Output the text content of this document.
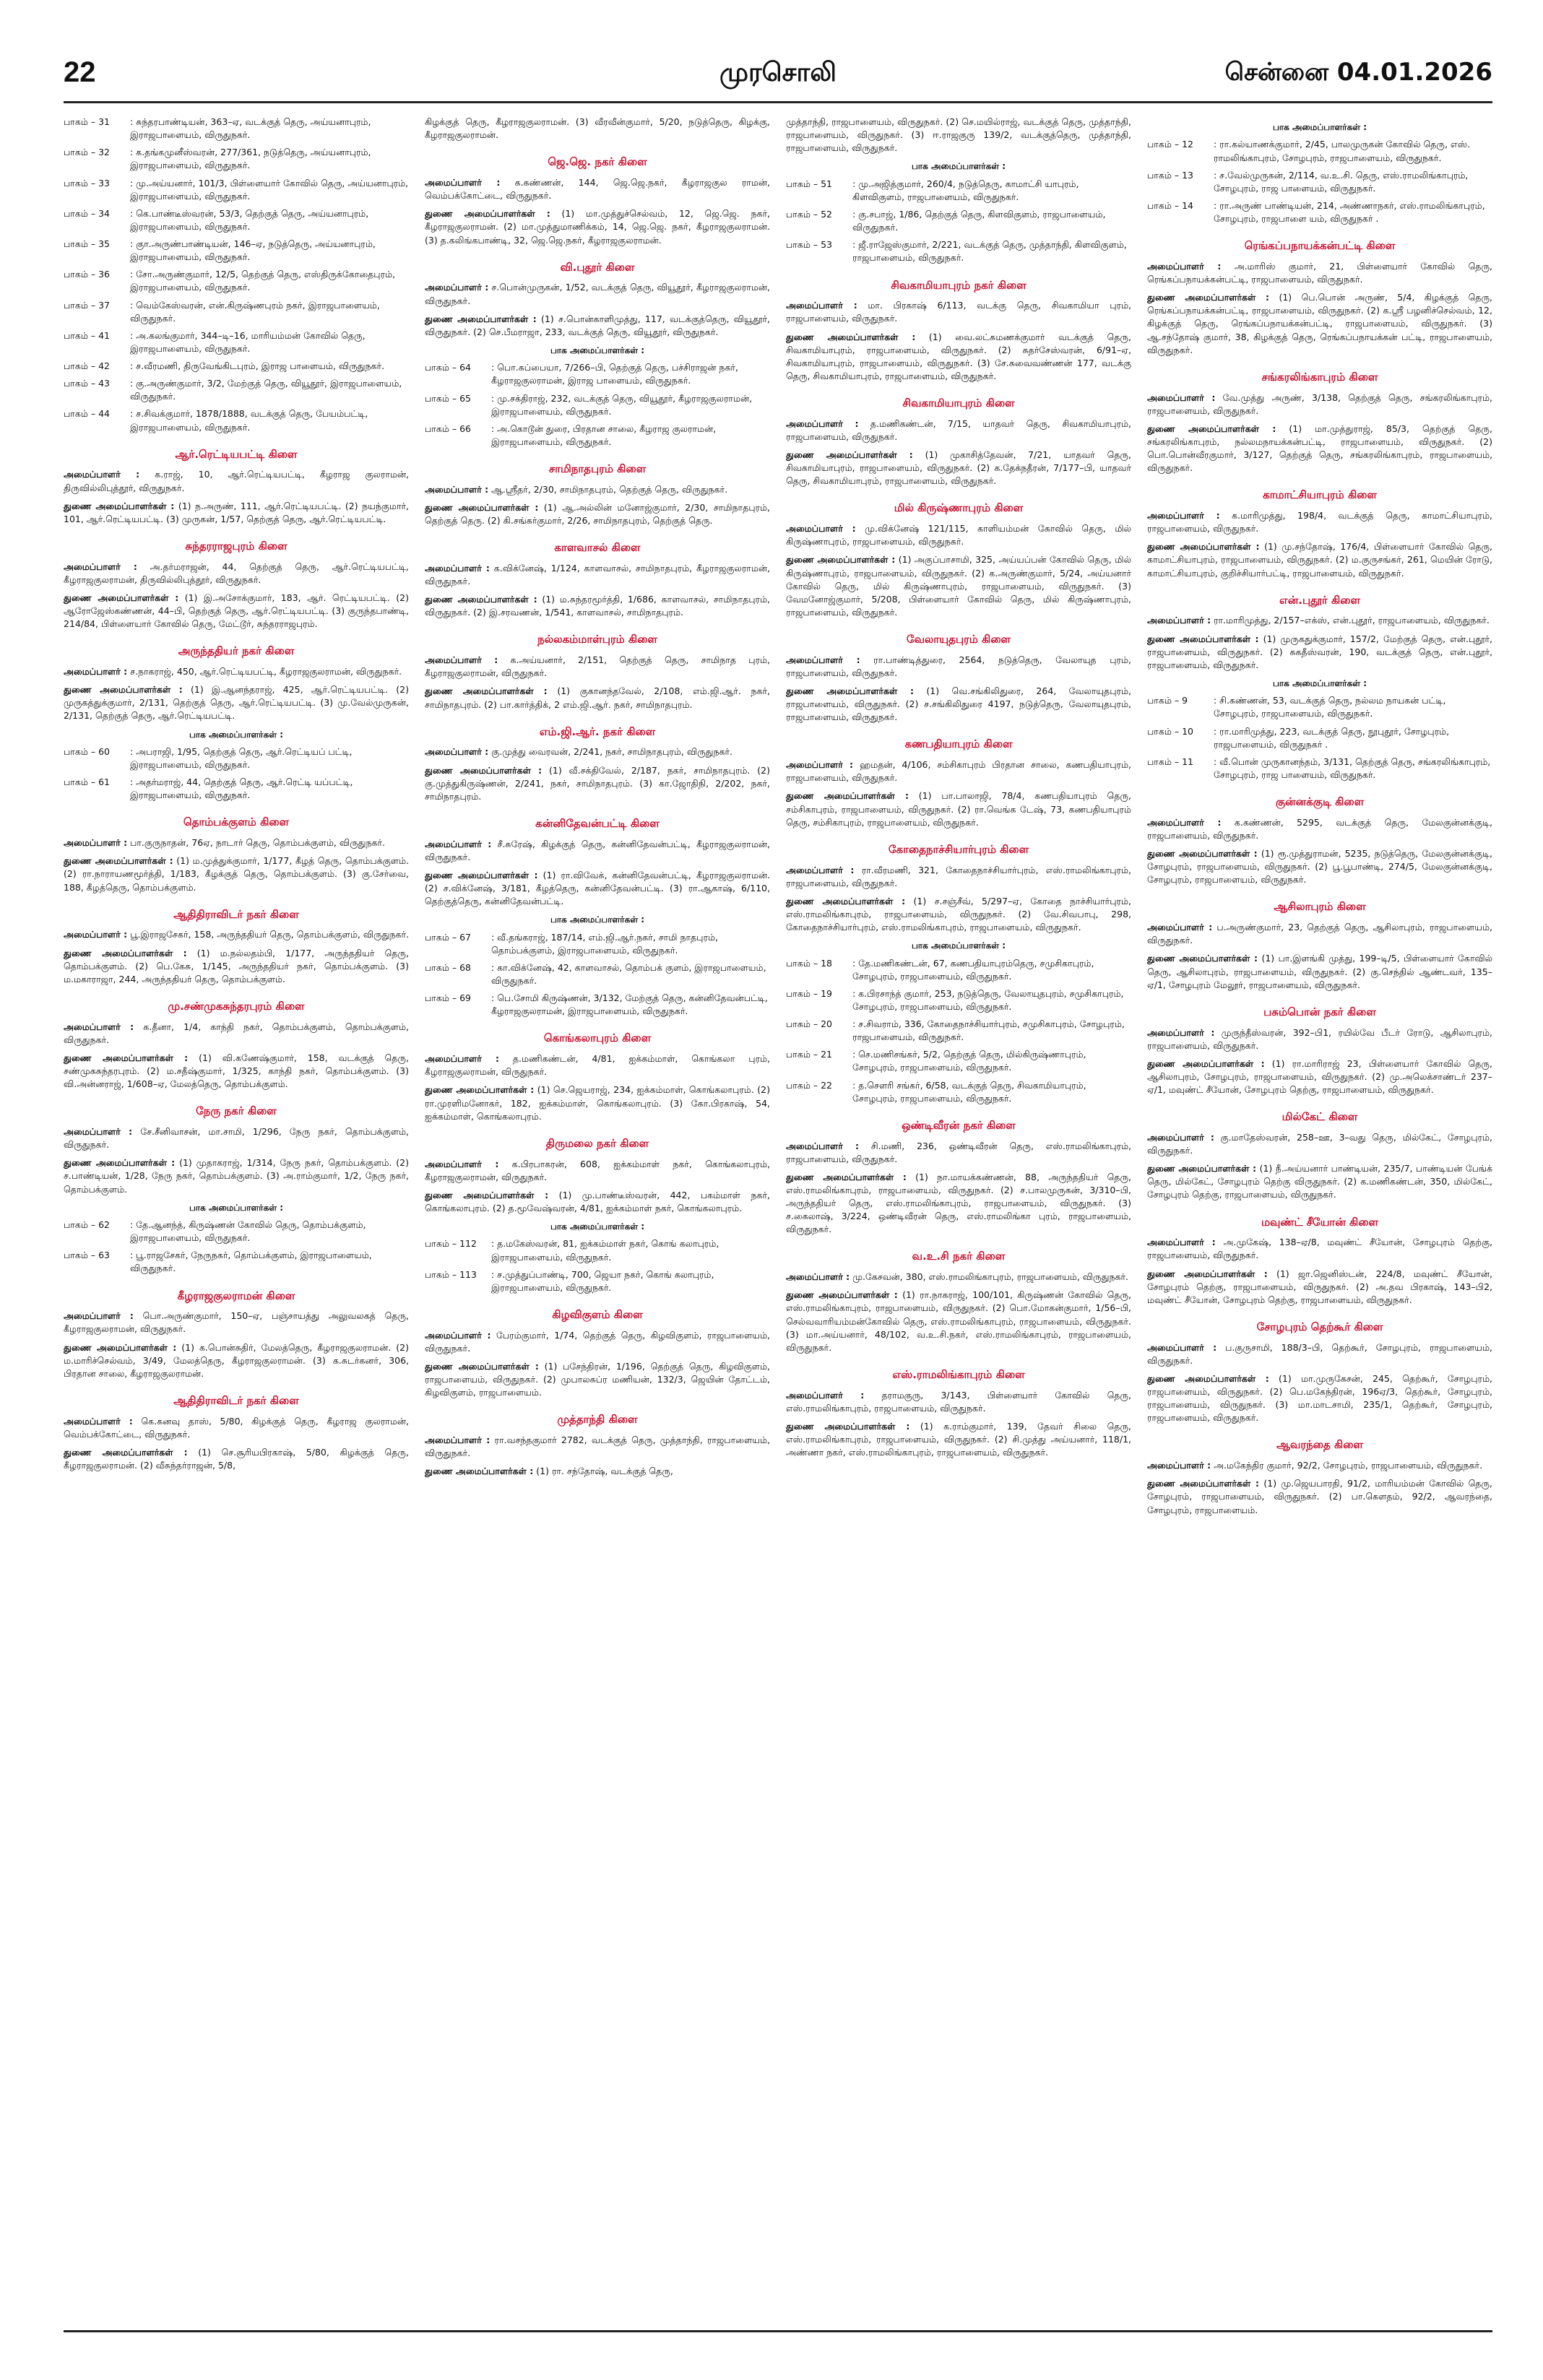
22	முரசொலி	சென்னை 04.01.2026
பாகம் – 31	: சுந்தரபாண்டியன், 363–ஏ, வடக்குத் தெரு, அய்யனாபுரம், இராஜபாளையம், விருதுநகர்.
பாகம் – 32	: க.தங்கமுனீஸ்வரன், 277/361, நடுத்தெரு, அய்யனாபுரம், இராஜபாளையம், விருதுநகர்.
பாகம் – 33	: மு.அய்யனார், 101/3, பிள்ளையார் கோவில் தெரு, அய்யனாபுரம், இராஜபாளையம், விருதுநகர்.
பாகம் – 34	: கெ.பாண்டீஸ்வரன், 53/3, தெற்குத் தெரு, அய்யனாபுரம், இராஜபாளையம், விருதுநகர்.
பாகம் – 35	: குா.அருண்பாண்டியன், 146–ஏ, நடுத்தெரு, அய்யனாபுரம், இராஜபாளையம், விருதுநகர்.
பாகம் – 36	: சோ.அருண்குமார், 12/5, தெற்குத் தெரு, எஸ்திருக்கோதைபுரம், இராஜபாளையம், விருதுநகர்.
பாகம் – 37	: வெம்கேஸ்வரன், என்.கிருஷ்ணபுரம் நகர், இராஜபாளையம், விருதுநகர்.
பாகம் – 41	: அ.கலங்குமார், 344–டி–16, மாரியம்மன் கோவில் தெரு, இராஜபாளையம், விருதுநகர்.
பாகம் – 42	: ச.வீரமணி, திருவேங்கிடபுரம், இராஜ பாளையம், விருதுநகர்.
பாகம் – 43	: கு.அருண்குமார், 3/2, மேற்குத் தெரு, வியூதூர், இராஜபாளையம், விருதுநகர்.
பாகம் – 44	: ச.சிவக்குமார், 1878/1888, வடக்குத் தெரு, பேயம்பட்டி, இராஜபாளையம், விருதுநகர்.
ஆர்.ரெட்டியபட்டி கிளை
அமைப்பாளர் : க.ராஜ், 10, ஆர்.ரெட்டியபட்டி, கீழராஜ குலராமன், திருவில்லிபுத்தூர், விருதுநகர்.
துணை அமைப்பாளர்கள் : (1) ந.அருண், 111, ஆர்.ரெட்டியபட்டி. (2) நயந்குமார், 101, ஆர்.ரெட்டியபட்டி. (3) முருகன், 1/57, தெற்குத் தெரு, ஆர்.ரெட்டியபட்டி.
சுந்தரராஜபுரம் கிளை
அமைப்பாளர் : அ.தர்மராஜன், 44, தெற்குத் தெரு, ஆர்.ரெட்டியபட்டி, கீழராஜகுலராமன், திருவில்லிபுத்தூர், விருதுநகர்.
துணை அமைப்பாளர்கள் : (1) இ.அசோக்குமார், 183, ஆர். ரெட்டியபட்டி. (2) ஆரோஜேஸ்கண்ணன், 44–பி, தெற்குத் தெரு, ஆர்.ரெட்டியபட்டி. (3) குருந்தபாண்டி, 214/84, பிள்ளையார் கோவில் தெரு, மேட்டூர், சுந்தரராஜபுரம்.
அருந்ததியர் நகர் கிளை
அமைப்பாளர் : ச.நாகராஜ், 450, ஆர்.ரெட்டியபட்டி, கீழராஜகுலராமன், விருதுநகர்.
துணை அமைப்பாளர்கள் : (1) இ.ஆனந்தராஜ், 425, ஆர்.ரெட்டியபட்டி. (2) முருகத்துக்குமார், 2/131, தெற்குத் தெரு, ஆர்.ரெட்டியபட்டி. (3) மு.வேல்முருகன், 2/131, தெற்குத் தெரு, ஆர்.ரெட்டியபட்டி.
பாக அமைப்பாளர்கள் :
பாகம் – 60	: அபராஜி, 1/95, தெற்குத் தெரு, ஆர்.ரெட்டியப் பட்டி, இராஜபாளையம், விருதுநகர்.
பாகம் – 61	: அதர்மராஜ், 44, தெற்குத் தெரு, ஆர்.ரெட்டி யப்பட்டி, இராஜபாளையம், விருதுநகர்.
தொம்பக்குளம் கிளை
அமைப்பாளர் : பா.குருநாதன், 76ஏ, நாடார் தெரு, தொம்பக்குளம், விருதுநகர்.
துணை அமைப்பாளர்கள் : (1) ம.முத்துக்குமார், 1/177, கீழத் தெரு, தொம்பக்குளம். (2) ரா.நாராயணமூர்த்தி, 1/183, கீழக்குத் தெரு, தொம்பக்குளம். (3) கு.சேர்வை, 188, கீழத்தெரு, தொம்பக்குளம்.
ஆதிதிராவிடர் நகர் கிளை
அமைப்பாளர் : பூ.இராஜசேகர், 158, அருந்ததியர் தெரு, தொம்பக்குளம், விருதுநகர்.
துணை அமைப்பாளர்கள் : (1) ம.நல்லதம்பி, 1/177, அருந்ததியர் தெரு, தொம்பக்குளம். (2) பெ.கேசு, 1/145, அருந்ததியர் நகர், தொம்பக்குளம். (3) ம.மகாராஜா, 244, அருந்ததியர் தெரு, தொம்பக்குளம்.
மு.சண்முகசுந்தரபுரம் கிளை
அமைப்பாளர் : க.தீனா, 1/4, காந்தி நகர், தொம்பக்குளம், தொம்பக்குளம், விருதுநகர்.
துணை அமைப்பாளர்கள் : (1) வி.கணேஷ்குமார், 158, வடக்குத் தெரு, சண்முகசுந்தரபுரம். (2) ம.சதீஷ்குமார், 1/325, காந்தி நகர், தொம்பக்குளம். (3) வி.அன்னராஜ், 1/608–ஏ, மேலத்தெரு, தொம்பக்குளம்.
நேரு நகர் கிளை
அமைப்பாளர் : சே.சீனிவாசன், மா.சாமி, 1/296, நேரு நகர், தொம்பக்குளம், விருதுநகர்.
துணை அமைப்பாளர்கள் : (1) முதாகராஜ், 1/314, நேரு நகர், தொம்பக்குளம். (2) ச.பாண்டியன், 1/28, நேரு நகர், தொம்பக்குளம். (3) அ.ராம்குமார், 1/2, நேரு நகர், தொம்பக்குளம்.
பாக அமைப்பாளர்கள் :
பாகம் – 62	: தே.ஆனந்த், கிருஷ்ணன் கோவில் தெரு, தொம்பக்குளம், இராஜபாளையம், விருதுநகர்.
பாகம் – 63	: பூ.ராஜசேகர், நேருநகர், தொம்பக்குளம், இராஜபாளையம், விருதுநகர்.
கீழராஜகுலராமன் கிளை
அமைப்பாளர் : பொ.அருண்குமார், 150–ஏ, பஞ்சாயத்து அலுவலகத் தெரு, கீழராஜகுலராமன், விருதுநகர்.
துணை அமைப்பாளர்கள் : (1) க.பொன்சுதிர், மேலத்தெரு, கீழராஜகுலராமன். (2) ம.மாரிச்செல்வம், 3/49, மேலத்தெரு, கீழராஜகுலராமன். (3) க.சுடர்கனர், 306, பிரதான சாலை, கீழராஜகுலராமன்.
ஆதிதிராவிடர் நகர் கிளை
அமைப்பாளர் : கெ.கனவு தாஸ், 5/80, கிழக்குத் தெரு, கீழராஜ குலராமன், வெம்பக்கோட்டை, விருதுநகர்.
துணை அமைப்பாளர்கள் : (1) செ.சூரியபிரகாஷ், 5/80, கிழக்குத் தெரு, கீழராஜகுலராமன். (2) வீசுந்தர்ராஜன், 5/8,
கிழக்குத் தெரு, கீழராஜகுலராமன். (3) வீரவீன்குமார், 5/20, நடுத்தெரு, கிழக்கு, கீழராஜகுலராமன்.
ஜெ.ஜெ. நகர் கிளை
அமைப்பாளர் : க.கண்ணன், 144, ஜெ.ஜெ.நகர், கீழராஜகுல ராமன், வெம்பக்கோட்டை, விருதுநகர்.
துணை அமைப்பாளர்கள் : (1) மா.முத்துச்செல்வம், 12, ஜெ.ஜெ. நகர், கீழராஜகுலராமன். (2) மா.முத்துமாணிக்கம், 14, ஜெ.ஜெ. நகர், கீழராஜகுலராமன். (3) த.கலிங்கபாண்டி, 32, ஜெ.ஜெ.நகர், கீழராஜகுலராமன்.
வி.புதூர் கிளை
அமைப்பாளர் : ச.பொன்முருகன், 1/52, வடக்குத் தெரு, வியூதூர், கீழராஜகுலராமன், விருதுநகர்.
துணை அமைப்பாளர்கள் : (1) ச.பொன்காளிமுத்து, 117, வடக்குத்தெரு, வியூதூர், விருதுநகர். (2) செ.பீமராஜா, 233, வடக்குத் தெரு, வியூதூர், விருதுநகர்.
பாக அமைப்பாளர்கள் :
பாகம் – 64	: பொ.கப்பையா, 7/266–பி, தெற்குத் தெரு, பச்சிராஜன் நகர், கீழராஜகுலராமன், இராஜ பாளையம், விருதுநகர்.
பாகம் – 65	: மு.சக்திராஜ், 232, வடக்குத் தெரு, வியூதூர், கீழராஜகுலராமன், இராஜபாளையம், விருதுநகர்.
பாகம் – 66	: அ.கொடூன் துரை, பிரதான சாலை, கீழராஜ குலராமன், இராஜபாளையம், விருதுநகர்.
சாமிநாதபுரம் கிளை
அமைப்பாளர் : ஆ.ஸ்ரீதர், 2/30, சாமிநாதபுரம், தெற்குத் தெரு, விருதுநகர்.
துணை அமைப்பாளர்கள் : (1) ஆ.அல்லின் மனோஜ்குமார், 2/30, சாமிநாதபுரம், தெற்குத் தெரு. (2) கி.சங்கர்குமார், 2/26, சாமிநாதபுரம், தெற்குத் தெரு.
காளவாசல் கிளை
அமைப்பாளர் : க.விக்னேஷ், 1/124, காளவாசல், சாமிநாதபுரம், கீழராஜகுலராமன், விருதுநகர்.
துணை அமைப்பாளர்கள் : (1) ம.சுந்தரமூர்த்தி, 1/686, காளவாசல், சாமிநாதபுரம், விருதுநகர். (2) இ.சரவணன், 1/541, காளவாசல், சாமிநாதபுரம்.
நல்லகம்மாள்புரம் கிளை
அமைப்பாளர் : க.அய்யனார், 2/151, தெற்குத் தெரு, சாமிநாத புரம், கீழராஜகுலராமன், விருதுநகர்.
துணை அமைப்பாளர்கள் : (1) குகானந்தவேல், 2/108, எம்.ஜி.ஆர். நகர், சாமிநாதபுரம். (2) பா.கார்த்திக், 2 எம்.ஜி.ஆர். நகர், சாமிநாதபுரம்.
எம்.ஜி.ஆர். நகர் கிளை
அமைப்பாளர் : கு.முத்து வைரவன், 2/241, நகர், சாமிநாதபுரம், விருதுநகர்.
துணை அமைப்பாளர்கள் : (1) வீ.சக்திவேல், 2/187, நகர், சாமிநாதபுரம். (2) கு.முத்துகிருஷ்ணன், 2/241, நகர், சாமிநாதபுரம். (3) கா.ஜோதிநி, 2/202, நகர், சாமிநாதபுரம்.
கன்னிதேவன்பட்டி கிளை
அமைப்பாளர் : சீ.சுரேஷ், கிழக்குத் தெரு, கன்னிதேவன்பட்டி, கீழராஜகுலராமன், விருதுநகர்.
துணை அமைப்பாளர்கள் : (1) ரா.விவேக், கன்னிதேவன்பட்டி, கீழராஜகுலராமன். (2) ச.விக்னேஷ், 3/181, கீழத்தெரு, கன்னிதேவன்பட்டி. (3) ரா.ஆகாஷ், 6/110, தெற்குத்தெரு, கன்னிதேவன்பட்டி.
பாக அமைப்பாளர்கள் :
பாகம் – 67	: வீ.தங்கராஜ், 187/14, எம்.ஜி.ஆர்.நகர், சாமி நாதபுரம், தொம்பக்குளம், இராஜபாளையம், விருதுநகர்.
பாகம் – 68	: கா.விக்னேஷ், 42, காளவாசல், தொம்பக் குளம், இராஜபாளையம், விருதுநகர்.
பாகம் – 69	: பெ.சோமி கிருஷ்ணன், 3/132, மேற்குத் தெரு, கன்னிதேவன்பட்டி, கீழராஜகுலராமன், இராஜபாளையம், விருதுநகர்.
கொங்கலாபுரம் கிளை
அமைப்பாளர் : த.மணிகண்டன், 4/81, ஐக்கம்மாள், கொங்கலா புரம், கீழராஜகுலராமன், விருதுநகர்.
துணை அமைப்பாளர்கள் : (1) செ.ஜெயராஜ், 234, ஐக்கம்மாள், கொங்கலாபுரம். (2) ரா.முரளிமனோகர், 182, ஐக்கம்மாள், கொங்கலாபுரம். (3) கோ.பிரகாஷ், 54, ஐக்கம்மாள், கொங்கலாபுரம்.
திருமலை நகர் கிளை
அமைப்பாளர் : க.பிரபாகரன், 608, ஐக்கம்மாள் நகர், கொங்கலாபுரம், கீழராஜகுலராமன், விருதுநகர்.
துணை அமைப்பாளர்கள் : (1) மு.பாண்டீஸ்வரன், 442, பகம்மாள் நகர், கொங்கலாபுரம். (2) த.மூவேஷ்வரன், 4/81, ஐக்கம்மாள் நகர், கொங்கலாபுரம்.
பாக அமைப்பாளர்கள் :
பாகம் – 112	: த.மகேஸ்வரன், 81, ஐக்கம்மாள் நகர், கொங் கலாபுரம், இராஜபாளையம், விருதுநகர்.
பாகம் – 113	: ச.முத்துப்பாண்டி, 700, ஜெயா நகர், கொங் கலாபுரம், இராஜபாளையம், விருதுநகர்.
கிழவிகுளம் கிளை
அமைப்பாளர் : பேரம்குமார், 1/74, தெற்குத் தெரு, கிழவிகுளம், ராஜபாளையம், விருதுநகர்.
துணை அமைப்பாளர்கள் : (1) பசேந்திரன், 1/196, தெற்குத் தெரு, கிழவிகுளம், ராஜபாளையம், விருதுநகர். (2) முபாலசுப்ர மணியன், 132/3, ஜெயின் தோட்டம், கிழவிகுளம், ராஜபாளையம்.
முத்தாந்தி கிளை
அமைப்பாளர் : ரா.வசந்தகுமார் 2782, வடக்குத் தெரு, முத்தாந்தி, ராஜபாளையம், விருதுநகர்.
துணை அமைப்பாளர்கள் : (1) ரா. சந்தோஷ், வடக்குத் தெரு,
முத்தாந்தி, ராஜபாளையம், விருதுநகர். (2) செ.மயில்ராஜ், வடக்குத் தெரு, முத்தாந்தி, ராஜபாளையம், விருதுநகர். (3) ஈ.ராஜகுரு 139/2, வடக்குத்தெரு, முத்தாந்தி, ராஜபாளையம், விருதுநகர்.
பாக அமைப்பாளர்கள் :
பாகம் – 51	: மு.அஜித்குமார், 260/4, நடுத்தெரு, காமாட்சி யாபுரம், கிளவிகுளம், ராஜபாளையம், விருதுநகர்.
பாகம் – 52	: கு.சபாஜ், 1/86, தெற்குத் தெரு, கிளவிகுளம், ராஜபாளையம், விருதுநகர்.
பாகம் – 53	: ஜீ.ராஜேஸ்குமார், 2/221, வடக்குத் தெரு, முத்தாந்தி, கிளவிகுளம், ராஜபாளையம், விருதுநகர்.
சிவகாமியாபுரம் நகர் கிளை
அமைப்பாளர் : மா. பிரகாஷ் 6/113, வடக்கு தெரு, சிவகாமியா புரம், ராஜபாளையம், விருதுநகர்.
துணை அமைப்பாளர்கள் : (1) வை.லட்சுமணக்குமார் வடக்குத் தெரு, சிவகாமியாபுரம், ராஜபாளையம், விருதுநகர். (2) சுதர்சேஸ்வரன், 6/91–ஏ, சிவகாமியாபுரம், ராஜபாளையம், விருதுநகர். (3) சே.சுவைவண்ணன் 177, வடக்கு தெரு, சிவகாமியாபுரம், ராஜபாளையம், விருதுநகர்.
சிவகாமியாபுரம் கிளை
அமைப்பாளர் : த.மணிகண்டன், 7/15, யாதவர் தெரு, சிவகாமியாபுரம், ராஜபாளையம், விருதுநகர்.
துணை அமைப்பாளர்கள் : (1) முகாசித்தேவன், 7/21, யாதவர் தெரு, சிவகாமியாபுரம், ராஜபாளையம், விருதுநகர். (2) க.தேக்நதீரன், 7/177–பி, யாதவர் தெரு, சிவகாமியாபுரம், ராஜபாளையம், விருதுநகர்.
மில் கிருஷ்ணாபுரம் கிளை
அமைப்பாளர் : மு.விக்னேஷ் 121/115, காளியம்மன் கோவில் தெரு, மில் கிருஷ்ணாபுரம், ராஜபாளையம், விருதுநகர்.
துணை அமைப்பாளர்கள் : (1) அகுப்பாசாமி, 325, அய்யப்பன் கோவில் தெரு, மில் கிருஷ்ணாபுரம், ராஜபாளையம், விருதுநகர். (2) க.அருண்குமார், 5/24, அய்யனார் கோவில் தெரு, மில் கிருஷ்ணாபுரம், ராஜபாளையம், விருதுநகர். (3) வேமனோஜ்குமார், 5/208, பிள்ளையார் கோவில் தெரு, மில் கிருஷ்ணாபுரம், ராஜபாளையம், விருதுநகர்.
வேலாயுதபுரம் கிளை
அமைப்பாளர் : ரா.பாண்டித்துரை, 2564, நடுத்தெரு, வேலாயுத புரம், ராஜபாளையம், விருதுநகர்.
துணை அமைப்பாளர்கள் : (1) வெ.சங்கிலிதுரை, 264, வேலாயுதபுரம், ராஜபாளையம், விருதுநகர். (2) ச.சங்கிலிதுரை 4197, நடுத்தெரு, வேலாயுதபுரம், ராஜபாளையம், விருதுநகர்.
கணபதியாபுரம் கிளை
அமைப்பாளர் : ஹமதன், 4/106, சம்சிகாபுரம் பிரதான சாலை, கணபதியாபுரம், ராஜபாளையம், விருதுநகர்.
துணை அமைப்பாளர்கள் : (1) பா.பாலாஜி, 78/4, கணபதியாபுரம் தெரு, சம்சிகாபுரம், ராஜபாளையம், விருதுநகர். (2) ரா.வெங்க டேஷ், 73, கணபதியாபுரம் தெரு, சம்சிகாபுரம், ராஜபாளையம், விருதுநகர்.
கோதைநாச்சியார்புரம் கிளை
அமைப்பாளர் : ரா.வீரமணி, 321, கோதைநாச்சியார்புரம், எஸ்.ராமலிங்காபுரம், ராஜபாளையம், விருதுநகர்.
துணை அமைப்பாளர்கள் : (1) ச.சஞ்சீவ், 5/297–ஏ, கோதை நாச்சியார்புரம், எஸ்.ராமலிங்காபுரம், ராஜபாளையம், விருதுநகர். (2) வே.சிவபாபு, 298, கோதைநாச்சியார்புரம், எஸ்.ராமலிங்காபுரம், ராஜபாளையம், விருதுநகர்.
பாக அமைப்பாளர்கள் :
பாகம் – 18	: தே.மணிகண்டன், 67, கணபதியாபுரம்தெரு, சமுசிகாபுரம், சோழபுரம், ராஜபாளையம், விருதுநகர்.
பாகம் – 19	: க.பிரசாந்த் குமார், 253, நடுத்தெரு, வேலாயுதபுரம், சமுசிகாபுரம், சோழபுரம், ராஜபாளையம், விருதுநகர்.
பாகம் – 20	: ச.சிவராம், 336, கோதைநாச்சியார்புரம், சமுசிகாபுரம், சோழபுரம், ராஜபாளையம், விருதுநகர்.
பாகம் – 21	: செ.மணிசங்கர், 5/2, தெற்குத் தெரு, மில்கிருஷ்ணாபுரம், சோழபுரம், ராஜபாளையம், விருதுநகர்.
பாகம் – 22	: த.செளரி சங்கர், 6/58, வடக்குத் தெரு, சிவகாமியாபுரம், சோழபுரம், ராஜபாளையம், விருதுநகர்.
ஒண்டிவீரன் நகர் கிளை
அமைப்பாளர் : சி.மணி, 236, ஒண்டிவீரன் தெரு, எஸ்.ராமலிங்காபுரம், ராஜபாளையம், விருதுநகர்.
துணை அமைப்பாளர்கள் : (1) நா.மாயக்கண்ணன், 88, அருந்ததியர் தெரு, எஸ்.ராமலிங்காபுரம், ராஜபாளையம், விருதுநகர். (2) ச.பாலமுருகன், 3/310–பி, அருந்ததியர் தெரு, எஸ்.ராமலிங்காபுரம், ராஜபாளையம், விருதுநகர். (3) ச.கைலாஷ், 3/224, ஒண்டிவீரன் தெரு, எஸ்.ராமலிங்கா புரம், ராஜபாளையம், விருதுநகர்.
வ.உ.சி நகர் கிளை
அமைப்பாளர் : மு.கேசவன், 380, எஸ்.ராமலிங்காபுரம், ராஜபாளையம், விருதுநகர்.
துணை அமைப்பாளர்கள் : (1) ரா.நாகராஜ், 100/101, கிருஷ்ணன் கோவில் தெரு, எஸ்.ராமலிங்காபுரம், ராஜபாளையம், விருதுநகர். (2) பொ.மோகன்குமார், 1/56–பி, செல்வவாரியம்மன்கோவில் தெரு, எஸ்.ராமலிங்காபுரம், ராஜபாளையம், விருதுநகர். (3) மா.அய்யனார், 48/102, வ.உ.சி.நகர், எஸ்.ராமலிங்காபுரம், ராஜபாளையம், விருதுநகர்.
எஸ்.ராமலிங்காபுரம் கிளை
அமைப்பாளர் : தராமகுரு, 3/143, பிள்ளையார் கோவில் தெரு, எஸ்.ராமலிங்காபுரம், ராஜபாளையம், விருதுநகர்.
துணை அமைப்பாளர்கள் : (1) க.ராம்குமார், 139, தேவர் சிலை தெரு, எஸ்.ராமலிங்காபுரம், ராஜபாளையம், விருதுநகர். (2) சி.முத்து அய்யனார், 118/1, அண்ணா நகர், எஸ்.ராமலிங்காபுரம், ராஜபாளையம், விருதுநகர்.
பாக அமைப்பாளர்கள் :
பாகம் – 12	: ரா.கல்யாணக்குமார், 2/45, பாலமுருகன் கோவில் தெரு, எஸ். ராமலிங்காபுரம், சோழபுரம், ராஜபாளையம், விருதுநகர்.
பாகம் – 13	: ச.வேல்முருகன், 2/114, வ.உ.சி. தெரு, எஸ்.ராமலிங்காபுரம், சோழபுரம், ராஜ பாளையம், விருதுநகர்.
பாகம் – 14	: ரா.அருண் பாண்டியன், 214, அண்ணாநகர், எஸ்.ராமலிங்காபுரம், சோழபுரம், ராஜபாளை யம், விருதுநகர் .
ரெங்கப்பநாயக்கன்பட்டி கிளை
அமைப்பாளர் : அ.மாரிஸ் குமார், 21, பிள்ளையார் கோவில் தெரு, ரெங்கப்பநாயக்கன்பட்டி, ராஜபாளையம், விருதுநகர்.
துணை அமைப்பாளர்கள் : (1) பெ.பொன் அருண், 5/4, கிழக்குத் தெரு, ரெங்கப்பநாயக்கன்பட்டி, ராஜபாளையம், விருதுநகர். (2) க.ஸ்ரீ பழனிச்செல்வம், 12, கிழக்குத் தெரு, ரெங்கப்பநாயக்கன்பட்டி, ராஜபாளையம், விருதுநகர். (3) ஆ.சந்தோஷ் குமார், 38, கிழக்குத் தெரு, ரெங்கப்பநாயக்கன் பட்டி, ராஜபாளையம், விருதுநகர்.
சங்கரலிங்காபுரம் கிளை
அமைப்பாளர் : வே.முத்து அருண், 3/138, தெற்குத் தெரு, சங்கரலிங்காபுரம், ராஜபாளையம், விருதுநகர்.
துணை அமைப்பாளர்கள் : (1) மா.முத்துராஜ், 85/3, தெற்குத் தெரு, சங்கரலிங்காபுரம், நல்லமநாயக்கன்பட்டி, ராஜபாளையம், விருதுநகர். (2) பொ.பொன்வீரகுமார், 3/127, தெற்குத் தெரு, சங்கரலிங்காபுரம், ராஜபாளையம், விருதுநகர்.
காமாட்சியாபுரம் கிளை
அமைப்பாளர் : க.மாரிமுத்து, 198/4, வடக்குத் தெரு, காமாட்சியாபுரம், ராஜபாளையம், விருதுநகர்.
துணை அமைப்பாளர்கள் : (1) மு.சந்தோஷ், 176/4, பிள்ளையார் கோவில் தெரு, காமாட்சியாபுரம், ராஜபாளையம், விருதுநகர். (2) ம.குருசங்கர், 261, மெயின் ரோடு, காமாட்சியாபுரம், குறிச்சியார்பட்டி, ராஜபாளையம், விருதுநகர்.
என்.புதூர் கிளை
அமைப்பாளர் : ரா.மாரிமுத்து, 2/157–எக்ஸ், என்.புதூர், ராஜபாளையம், விருதுநகர்.
துணை அமைப்பாளர்கள் : (1) முருகதுக்குமார், 157/2, மேற்குத் தெரு, என்.புதூர், ராஜபாளையம், விருதுநகர். (2) சுகதீஸ்வரன், 190, வடக்குத் தெரு, என்.புதூர், ராஜபாளையம், விருதுநகர்.
பாக அமைப்பாளர்கள் :
பாகம் – 9	: சி.கண்ணன், 53, வடக்குத் தெரு, நல்லம நாயகன் பட்டி, சோழபுரம், ராஜபாளையம், விருதுநகர்.
பாகம் – 10	: ரா.மாரிமுத்து, 223, வடக்குத் தெரு, நூபுதூர், சோழபுரம், ராஜபாளையம், விருதுநகர் .
பாகம் – 11	: வீ.பொன் முருகானந்தம், 3/131, தெற்குத் தெரு, சங்கரலிங்காபுரம், சோழபுரம், ராஜ பாளையம், விருதுநகர்.
குன்னக்குடி கிளை
அமைப்பாளர் : க.கண்ணன், 5295, வடக்குத் தெரு, மேலகுன்னக்குடி, ராஜபாளையம், விருதுநகர்.
துணை அமைப்பாளர்கள் : (1) ரூ.முத்துராமன், 5235, நடுத்தெரு, மேலகுன்னக்குடி, சோழபுரம், ராஜபாளையம், விருதுநகர். (2) பூ.பூபாண்டி, 274/5, மேலகுன்னக்குடி, சோழபுரம், ராஜபாளையம், விருதுநகர்.
ஆசிலாபுரம் கிளை
அமைப்பாளர் : ப.அருண்குமார், 23, தெற்குத் தெரு, ஆசிலாபுரம், ராஜபாளையம், விருதுநகர்.
துணை அமைப்பாளர்கள் : (1) பா.இளங்கி முத்து, 199–டி/5, பிள்ளையார் கோவில் தெரு, ஆசிலாபுரம், ராஜபாளையம், விருதுநகர். (2) கு.செந்தில் ஆண்டவர், 135–ஏ/1, சோழபுரம் மேலூர், ராஜபாளையம், விருதுநகர்.
பசும்பொன் நகர் கிளை
அமைப்பாளர் : முருந்தீஸ்வரன், 392–பி1, ரயில்வே பீடர் ரோடு, ஆசிலாபுரம், ராஜபாளையம், விருதுநகர்.
துணை அமைப்பாளர்கள் : (1) ரா.மாரிராஜ் 23, பிள்ளையார் கோவில் தெரு, ஆசிலாபுரம், சோழபுரம், ராஜபாளையம், விருதுநகர். (2) மு.அலெக்சாண்டர் 237–ஏ/1, மவுண்ட் சீயோன், சோழபுரம் தெற்கு, ராஜபாளையம், விருதுநகர்.
மில்கேட் கிளை
அமைப்பாளர் : கு.மாதேஸ்வரன், 258–ஊ, 3–வது தெரு, மில்கேட், சோழபுரம், விருதுநகர்.
துணை அமைப்பாளர்கள் : (1) நீ.அய்யனார் பாண்டியன், 235/7, பாண்டியன் பேங்க் தெரு, மில்கேட், சோழபுரம் தெற்கு விருதுநகர். (2) க.மணிகண்டன், 350, மில்கேட், சோழபுரம் தெற்கு, ராஜபாளையம், விருதுநகர்.
மவுண்ட் சீயோன் கிளை
அமைப்பாளர் : அ.முகேஷ், 138–ஏ/8, மவுண்ட் சீயோன், சோழபுரம் தெற்கு, ராஜபாளையம், விருதுநகர்.
துணை அமைப்பாளர்கள் : (1) ஜா.ஜெனிஸ்டன், 224/8, மவுண்ட் சீயோன், சோழபுரம் தெற்கு, ராஜபாளையம், விருதுநகர். (2) அ.தவ பிரகாஷ், 143–பி2, மவுண்ட் சீயோன், சோழபுரம் தெற்கு, ராஜபாளையம், விருதுநகர்.
சோழபுரம் தெற்கூர் கிளை
அமைப்பாளர் : ப.குருசாமி, 188/3–பி, தெற்கூர், சோழபுரம், ராஜபாளையம், விருதுநகர்.
துணை அமைப்பாளர்கள் : (1) மா.முருகேசன், 245, தெற்கூர், சோழபுரம், ராஜபாளையம், விருதுநகர். (2) பெ.மகேந்திரன், 196ஏ/3, தெற்கூர், சோழபுரம், ராஜபாளையம், விருதுநகர். (3) மா.மாடசாமி, 235/1, தெற்கூர், சோழபுரம், ராஜபாளையம், விருதுநகர்.
ஆவரந்தை கிளை
அமைப்பாளர் : அ.மகேந்திர குமார், 92/2, சோழபுரம், ராஜபாளையம், விருதுநகர்.
துணை அமைப்பாளர்கள் : (1) மு.ஜெயபாரதி, 91/2, மாரியம்மன் கோவில் தெரு, சோழபுரம், ராஜபாளையம், விருதுநகர். (2) பா.கௌதம், 92/2, ஆவரந்தை, சோழபுரம், ராஜபாளையம்.
